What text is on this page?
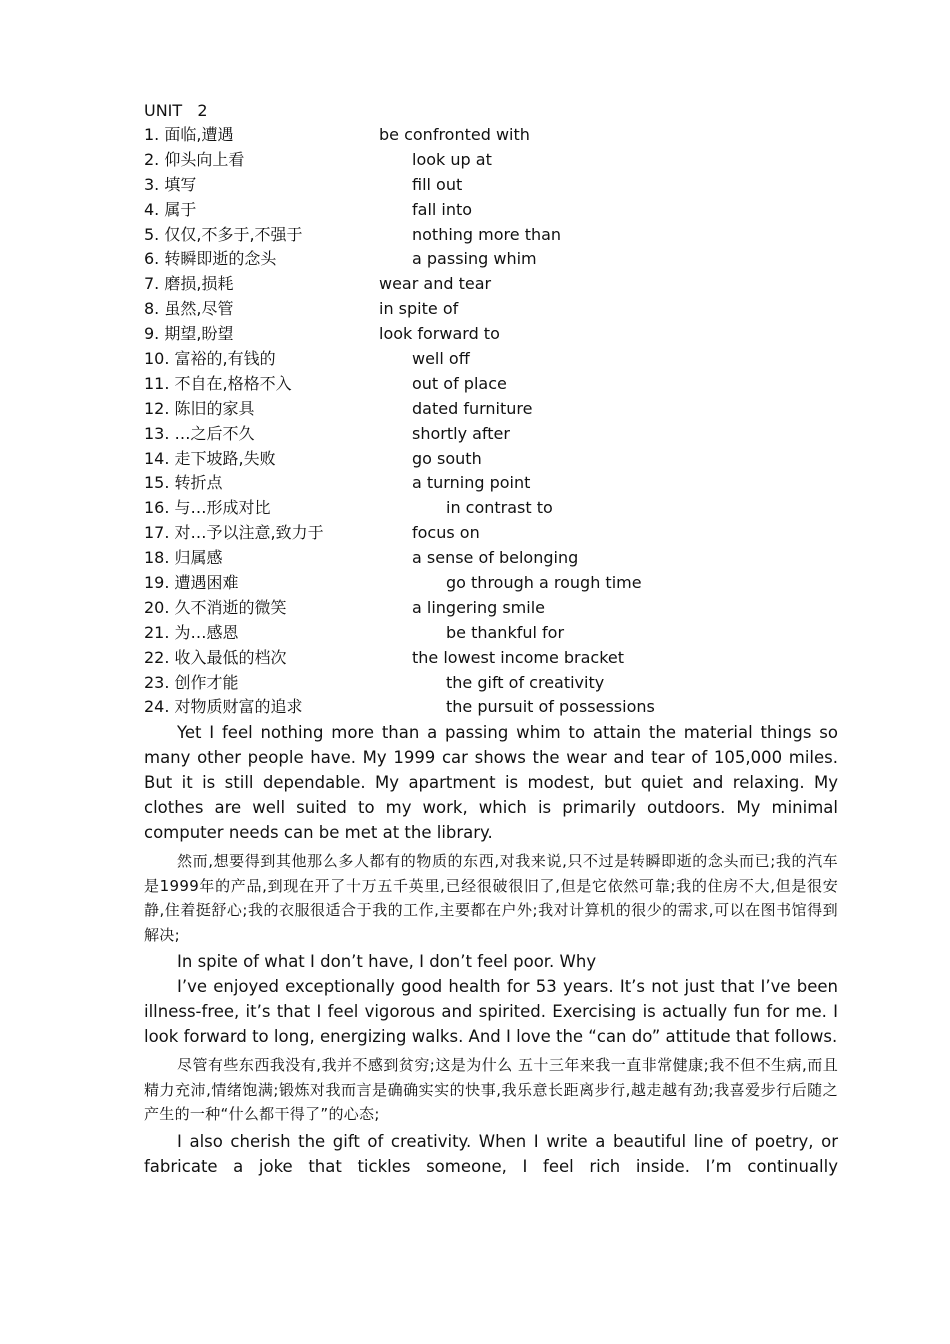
UNIT   2
1. 面临,遭遇	be confronted with
2. 仰头向上看	look up at
3. 填写	fill out
4. 属于	fall into
5. 仅仅,不多于,不强于	nothing more than
6. 转瞬即逝的念头	a passing whim
7. 磨损,损耗	wear and tear
8. 虽然,尽管	in spite of
9. 期望,盼望	look forward to
10. 富裕的,有钱的	well off
11. 不自在,格格不入	out of place
12. 陈旧的家具	dated furniture
13. …之后不久	shortly after
14. 走下坡路,失败	go south
15. 转折点	a turning point
16. 与…形成对比	in contrast to
17. 对…予以注意,致力于	focus on
18. 归属感	a sense of belonging
19. 遭遇困难	go through a rough time
20. 久不消逝的微笑	a lingering smile
21. 为…感恩	be thankful for
22. 收入最低的档次	the lowest income bracket
23. 创作才能	the gift of creativity
24. 对物质财富的追求	the pursuit of possessions

Yet I feel nothing more than a passing whim to attain the material things so many other people have. My 1999 car shows the wear and tear of 105,000 miles. But it is still dependable. My apartment is modest, but quiet and relaxing. My clothes are well suited to my work, which is primarily outdoors. My minimal computer needs can be met at the library.

然而,想要得到其他那么多人都有的物质的东西,对我来说,只不过是转瞬即逝的念头而已;我的汽车是1999年的产品,到现在开了十万五千英里,已经很破很旧了,但是它依然可靠;我的住房不大,但是很安静,住着挺舒心;我的衣服很适合于我的工作,主要都在户外;我对计算机的很少的需求,可以在图书馆得到解决;

In spite of what I don’t have, I don’t feel poor. Why

I’ve enjoyed exceptionally good health for 53 years. It’s not just that I’ve been illness-free, it’s that I feel vigorous and spirited. Exercising is actually fun for me. I look forward to long, energizing walks. And I love the “can do” attitude that follows.

尽管有些东西我没有,我并不感到贫穷;这是为什么 五十三年来我一直非常健康;我不但不生病,而且精力充沛,情绪饱满;锻炼对我而言是确确实实的快事,我乐意长距离步行,越走越有劲;我喜爱步行后随之产生的一种“什么都干得了”的心态;

I also cherish the gift of creativity. When I write a beautiful line of poetry, or fabricate a joke that tickles someone, I feel rich inside. I’m continually
